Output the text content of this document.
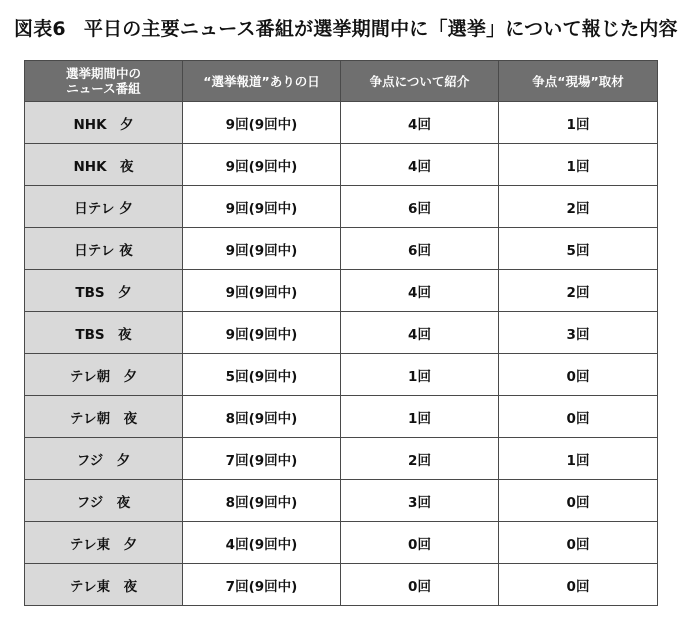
図表6 平日の主要ニュース番組が選挙期間中に「選挙」について報じた内容
選挙期間中の
ニュース番組	“選挙報道”ありの日	争点について紹介	争点“現場”取材
NHK　夕	9回(9回中)	4回	1回
NHK　夜	9回(9回中)	4回	1回
日テレ 夕	9回(9回中)	6回	2回
日テレ 夜	9回(9回中)	6回	5回
TBS　夕	9回(9回中)	4回	2回
TBS　夜	9回(9回中)	4回	3回
テレ朝　夕	5回(9回中)	1回	0回
テレ朝　夜	8回(9回中)	1回	0回
フジ　夕	7回(9回中)	2回	1回
フジ　夜	8回(9回中)	3回	0回
テレ東　夕	4回(9回中)	0回	0回
テレ東　夜	7回(9回中)	0回	0回
